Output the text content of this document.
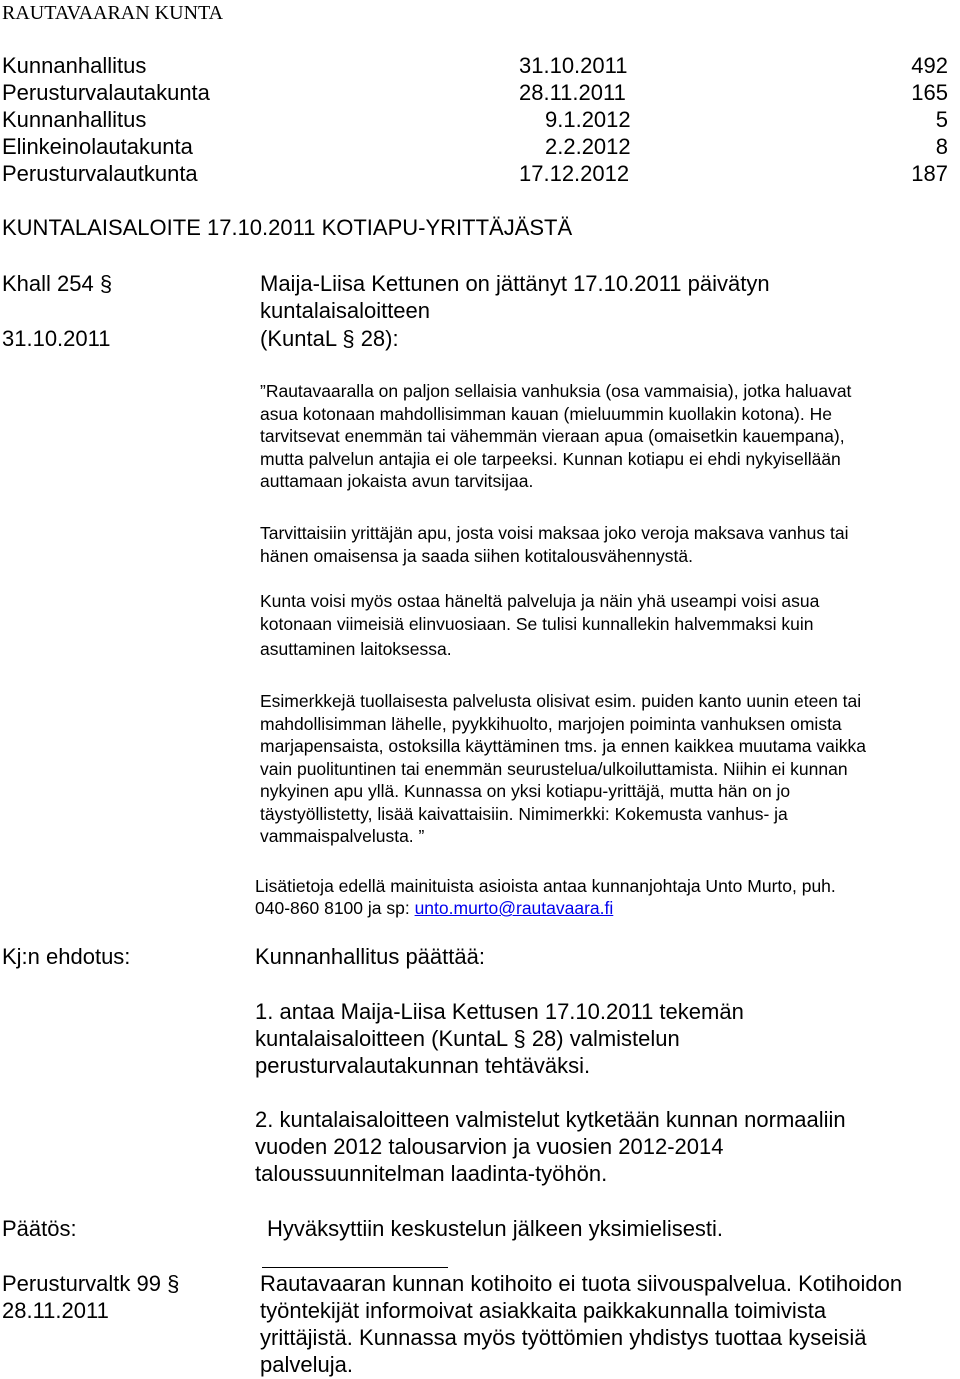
RAUTAVAARAN KUNTA
Kunnanhallitus	31.10.2011	492
Perusturvalautakunta	28.11.2011	165
Kunnanhallitus	9.1.2012	5
Elinkeinolautakunta	2.2.2012	8
Perusturvalautkunta	17.12.2012	187
KUNTALAISALOITE 17.10.2011 KOTIAPU-YRITTÄJÄSTÄ
Khall 254 §
31.10.2011
Maija-Liisa Kettunen on jättänyt 17.10.2011 päivätyn
kuntalaisaloitteen
(KuntaL § 28):
”Rautavaaralla on paljon sellaisia vanhuksia (osa vammaisia), jotka haluavat
asua kotonaan mahdollisimman kauan (mieluummin kuollakin kotona). He
tarvitsevat enemmän tai vähemmän vieraan apua (omaisetkin kauempana),
mutta palvelun antajia ei ole tarpeeksi. Kunnan kotiapu ei ehdi nykyisellään
auttamaan jokaista avun tarvitsijaa.
Tarvittaisiin yrittäjän apu, josta voisi maksaa joko veroja maksava vanhus tai
hänen omaisensa ja saada siihen kotitalousvähennystä.
Kunta voisi myös ostaa häneltä palveluja ja näin yhä useampi voisi asua
kotonaan viimeisiä elinvuosiaan. Se tulisi kunnallekin halvemmaksi kuin
asuttaminen laitoksessa.
Esimerkkejä tuollaisesta palvelusta olisivat esim. puiden kanto uunin eteen tai
mahdollisimman lähelle, pyykkihuolto, marjojen poiminta vanhuksen omista
marjapensaista, ostoksilla käyttäminen tms. ja ennen kaikkea muutama vaikka
vain puolituntinen tai enemmän seurustelua/ulkoiluttamista. Niihin ei kunnan
nykyinen apu yllä. Kunnassa on yksi kotiapu-yrittäjä, mutta hän on jo
täystyöllistetty, lisää kaivattaisiin. Nimimerkki: Kokemusta vanhus- ja
vammaispalvelusta. ”
Lisätietoja edellä mainituista asioista antaa kunnanjohtaja Unto Murto, puh.
040-860 8100 ja sp: unto.murto@rautavaara.fi
Kj:n ehdotus:	Kunnanhallitus päättää:
1. antaa Maija-Liisa Kettusen 17.10.2011 tekemän
kuntalaisaloitteen (KuntaL § 28) valmistelun
perusturvalautakunnan tehtäväksi.
2. kuntalaisaloitteen valmistelut kytketään kunnan normaaliin
vuoden 2012 talousarvion ja vuosien 2012-2014
taloussuunnitelman laadinta-työhön.
Päätös:	Hyväksyttiin keskustelun jälkeen yksimielisesti.
Perusturvaltk 99 §
28.11.2011
Rautavaaran kunnan kotihoito ei tuota siivouspalvelua. Kotihoidon
työntekijät informoivat asiakkaita paikkakunnalla toimivista
yrittäjistä. Kunnassa myös työttömien yhdistys tuottaa kyseisiä
palveluja.
